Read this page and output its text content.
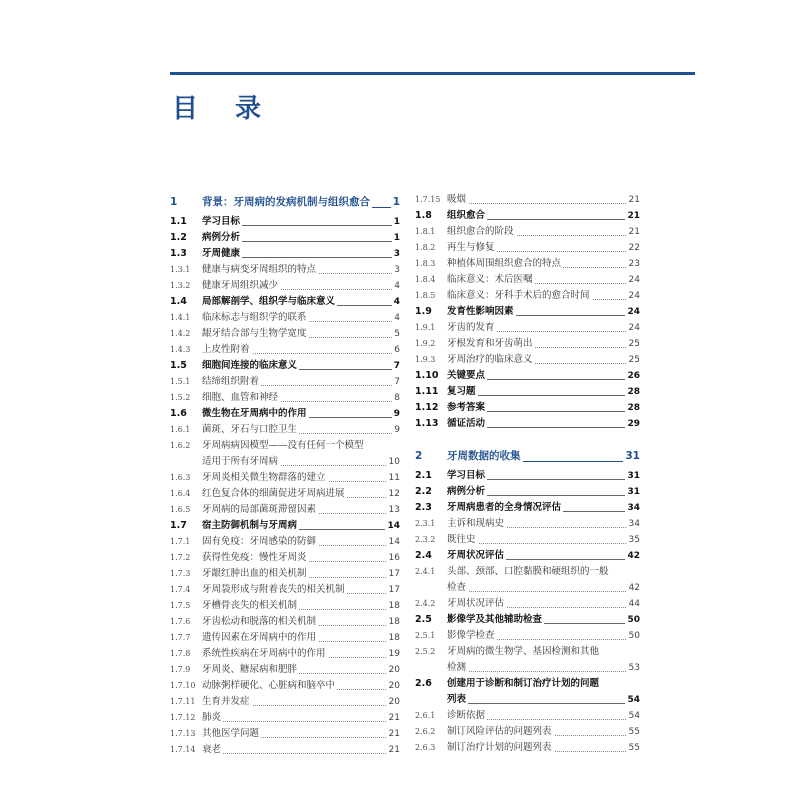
目 录
1 背景：牙周病的发病机制与组织愈合 1
1.1 学习目标	1
1.2 病例分析	1
1.3 牙周健康	3
1.3.1 健康与病变牙周组织的特点	3
1.3.2 健康牙周组织减少	4
1.4 局部解剖学、组织学与临床意义	4
1.4.1 临床标志与组织学的联系	4
1.4.2 龈牙结合部与生物学宽度	5
1.4.3 上皮性附着	6
1.5 细胞间连接的临床意义	7
1.5.1 结缔组织附着	7
1.5.2 细胞、血管和神经	8
1.6 微生物在牙周病中的作用	9
1.6.1 菌斑、牙石与口腔卫生	9
1.6.2 牙周病病因模型——没有任何一个模型
适用于所有牙周病	10
1.6.3 牙周炎相关微生物群落的建立	11
1.6.4 红色复合体的细菌促进牙周病进展	12
1.6.5 牙周病的局部菌斑滞留因素	13
1.7 宿主防御机制与牙周病	14
1.7.1 固有免疫：牙周感染的防御	14
1.7.2 获得性免疫：慢性牙周炎	16
1.7.3 牙龈红肿出血的相关机制	17
1.7.4 牙周袋形成与附着丧失的相关机制	17
1.7.5 牙槽骨丧失的相关机制	18
1.7.6 牙齿松动和脱落的相关机制	18
1.7.7 遗传因素在牙周病中的作用	18
1.7.8 系统性疾病在牙周病中的作用	19
1.7.9 牙周炎、糖尿病和肥胖	20
1.7.10 动脉粥样硬化、心脏病和脑卒中	20
1.7.11 生育并发症	20
1.7.12 肺炎	21
1.7.13 其他医学问题	21
1.7.14 衰老	21
1.7.15 吸烟	21
1.8 组织愈合	21
1.8.1 组织愈合的阶段	21
1.8.2 再生与修复	22
1.8.3 种植体周围组织愈合的特点	23
1.8.4 临床意义：术后医嘱	24
1.8.5 临床意义：牙科手术后的愈合时间	24
1.9 发育性影响因素	24
1.9.1 牙齿的发育	24
1.9.2 牙根发育和牙齿萌出	25
1.9.3 牙周治疗的临床意义	25
1.10 关键要点	26
1.11 复习题	28
1.12 参考答案	28
1.13 循证活动	29
2 牙周数据的收集	31
2.1 学习目标	31
2.2 病例分析	31
2.3 牙周病患者的全身情况评估	34
2.3.1 主诉和现病史	34
2.3.2 既往史	35
2.4 牙周状况评估	42
2.4.1 头部、颈部、口腔黏膜和硬组织的一般
检查	42
2.4.2 牙周状况评估	44
2.5 影像学及其他辅助检查	50
2.5.1 影像学检查	50
2.5.2 牙周病的微生物学、基因检测和其他
检测	53
2.6 创建用于诊断和制订治疗计划的问题
列表	54
2.6.1 诊断依据	54
2.6.2 制订风险评估的问题列表	55
2.6.3 制订治疗计划的问题列表	55
